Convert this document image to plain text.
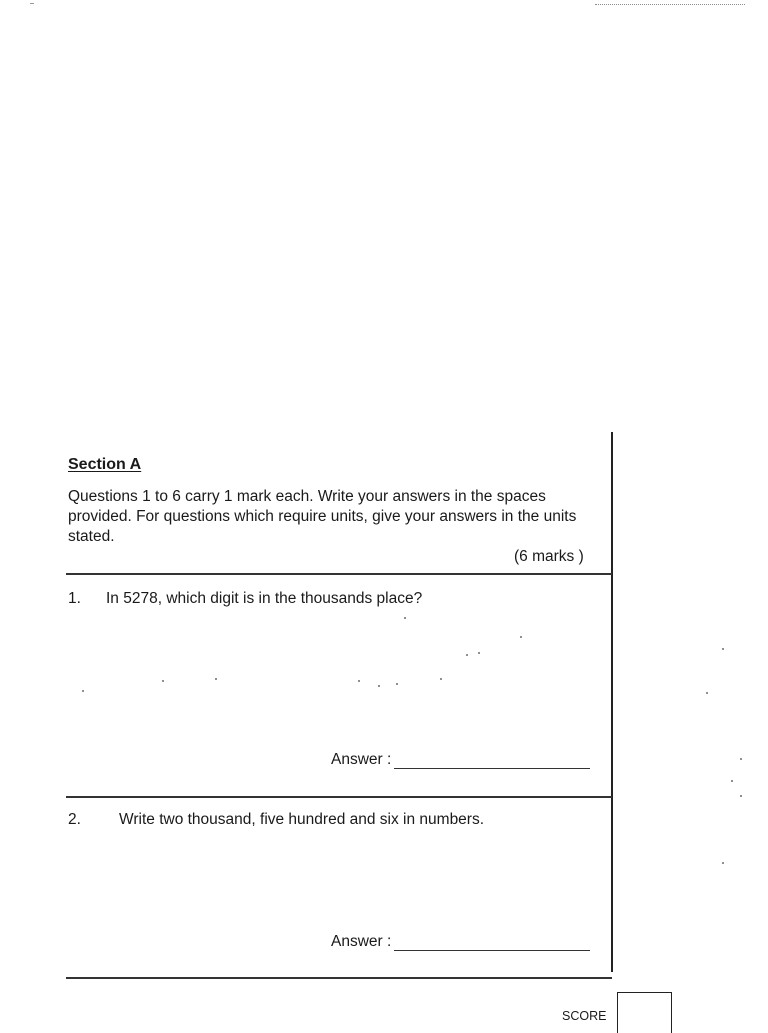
Section A
Questions 1 to 6 carry 1 mark each. Write your answers in the spaces provided. For questions which require units, give your answers in the units stated.
(6 marks )
1. In 5278, which digit is in the thousands place?
Answer :
2. Write two thousand, five hundred and six in numbers.
Answer :
SCORE
